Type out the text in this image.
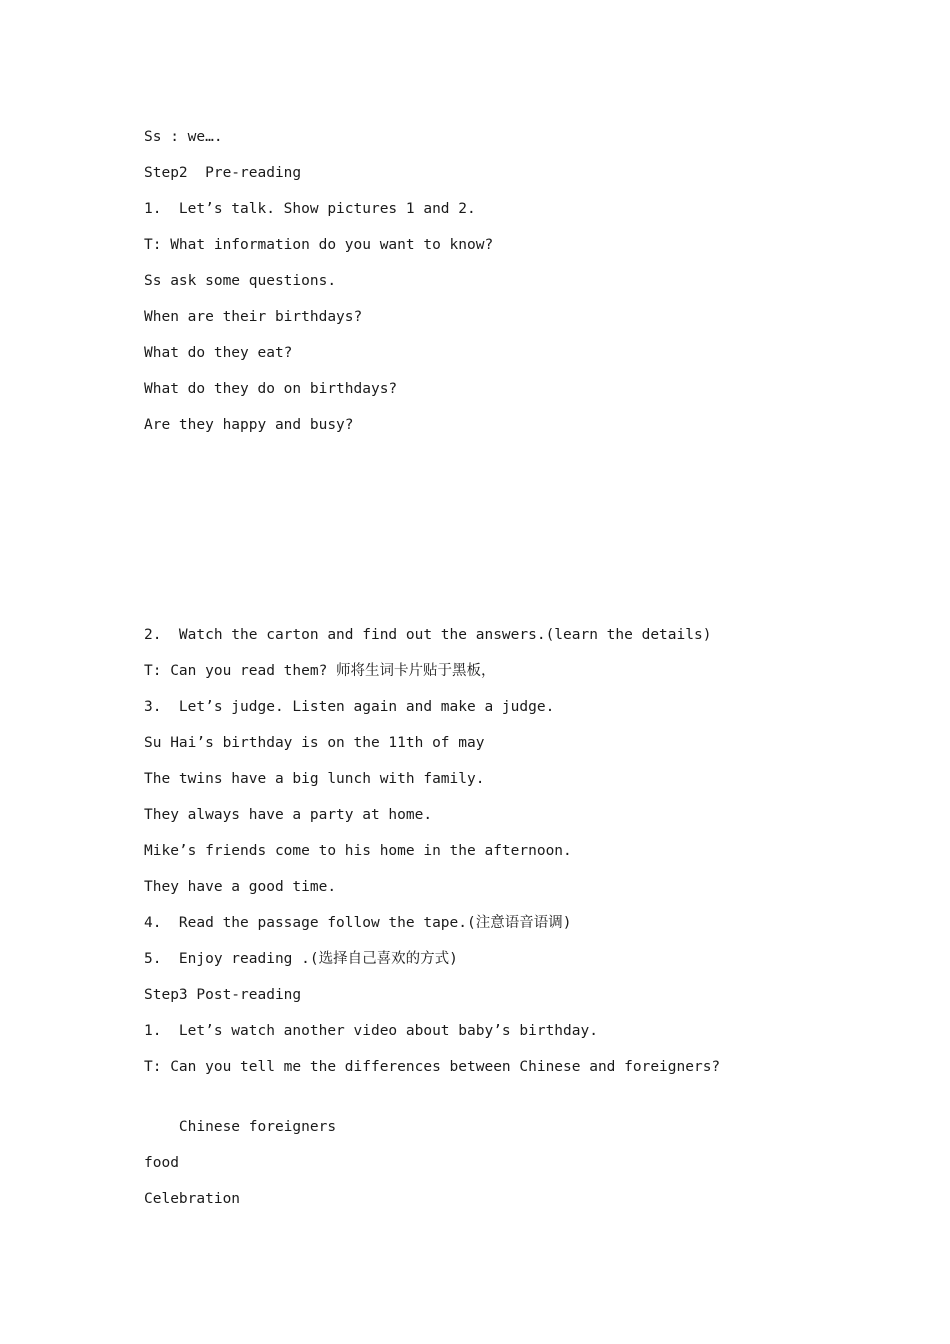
Ss : we….
Step2  Pre-reading
1.  Let’s talk. Show pictures 1 and 2.
T: What information do you want to know?
Ss ask some questions.
When are their birthdays?
What do they eat?
What do they do on birthdays?
Are they happy and busy?
2.  Watch the carton and find out the answers.(learn the details)
T: Can you read them? 师将生词卡片贴于黑板，
3.  Let’s judge. Listen again and make a judge.
Su Hai’s birthday is on the 11th of may
The twins have a big lunch with family.
They always have a party at home.
Mike’s friends come to his home in the afternoon.
They have a good time.
4.  Read the passage follow the tape.(注意语音语调)
5.  Enjoy reading .(选择自己喜欢的方式)
Step3 Post-reading
1.  Let’s watch another video about baby’s birthday.
T: Can you tell me the differences between Chinese and foreigners?
Chinese foreigners
food
Celebration
